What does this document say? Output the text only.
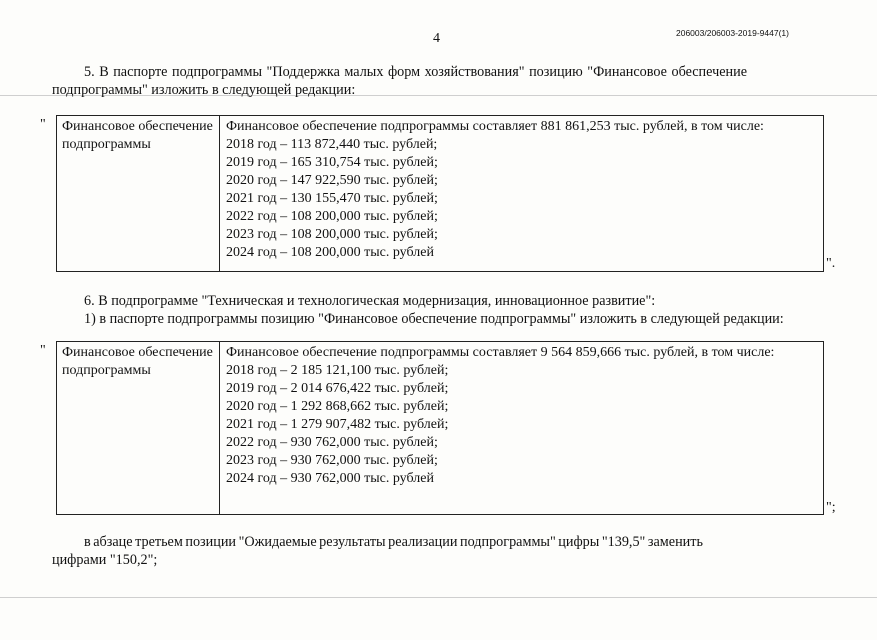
4	206003/206003-2019-9447(1)
5. В паспорте подпрограммы "Поддержка малых форм хозяйствования" позицию "Финансовое обеспечение
подпрограммы" изложить в следующей редакции:
"	Финансовое обеспечение подпрограммы
Финансовое обеспечение подпрограммы составляет 881 861,253 тыс. рублей, в том числе:
2018 год – 113 872,440 тыс. рублей;
2019 год – 165 310,754 тыс. рублей;
2020 год – 147 922,590 тыс. рублей;
2021 год – 130 155,470 тыс. рублей;
2022 год – 108 200,000 тыс. рублей;
2023 год – 108 200,000 тыс. рублей;
2024 год – 108 200,000 тыс. рублей
".
6. В подпрограмме "Техническая и технологическая модернизация, инновационное развитие":
1) в паспорте подпрограммы позицию "Финансовое обеспечение подпрограммы" изложить в следующей редакции:
"	Финансовое обеспечение подпрограммы
Финансовое обеспечение подпрограммы составляет 9 564 859,666 тыс. рублей, в том числе:
2018 год – 2 185 121,100 тыс. рублей;
2019 год – 2 014 676,422 тыс. рублей;
2020 год – 1 292 868,662 тыс. рублей;
2021 год – 1 279 907,482 тыс. рублей;
2022 год – 930 762,000 тыс. рублей;
2023 год – 930 762,000 тыс. рублей;
2024 год – 930 762,000 тыс. рублей
";
в абзаце третьем позиции "Ожидаемые результаты реализации подпрограммы" цифры "139,5" заменить
цифрами "150,2";
